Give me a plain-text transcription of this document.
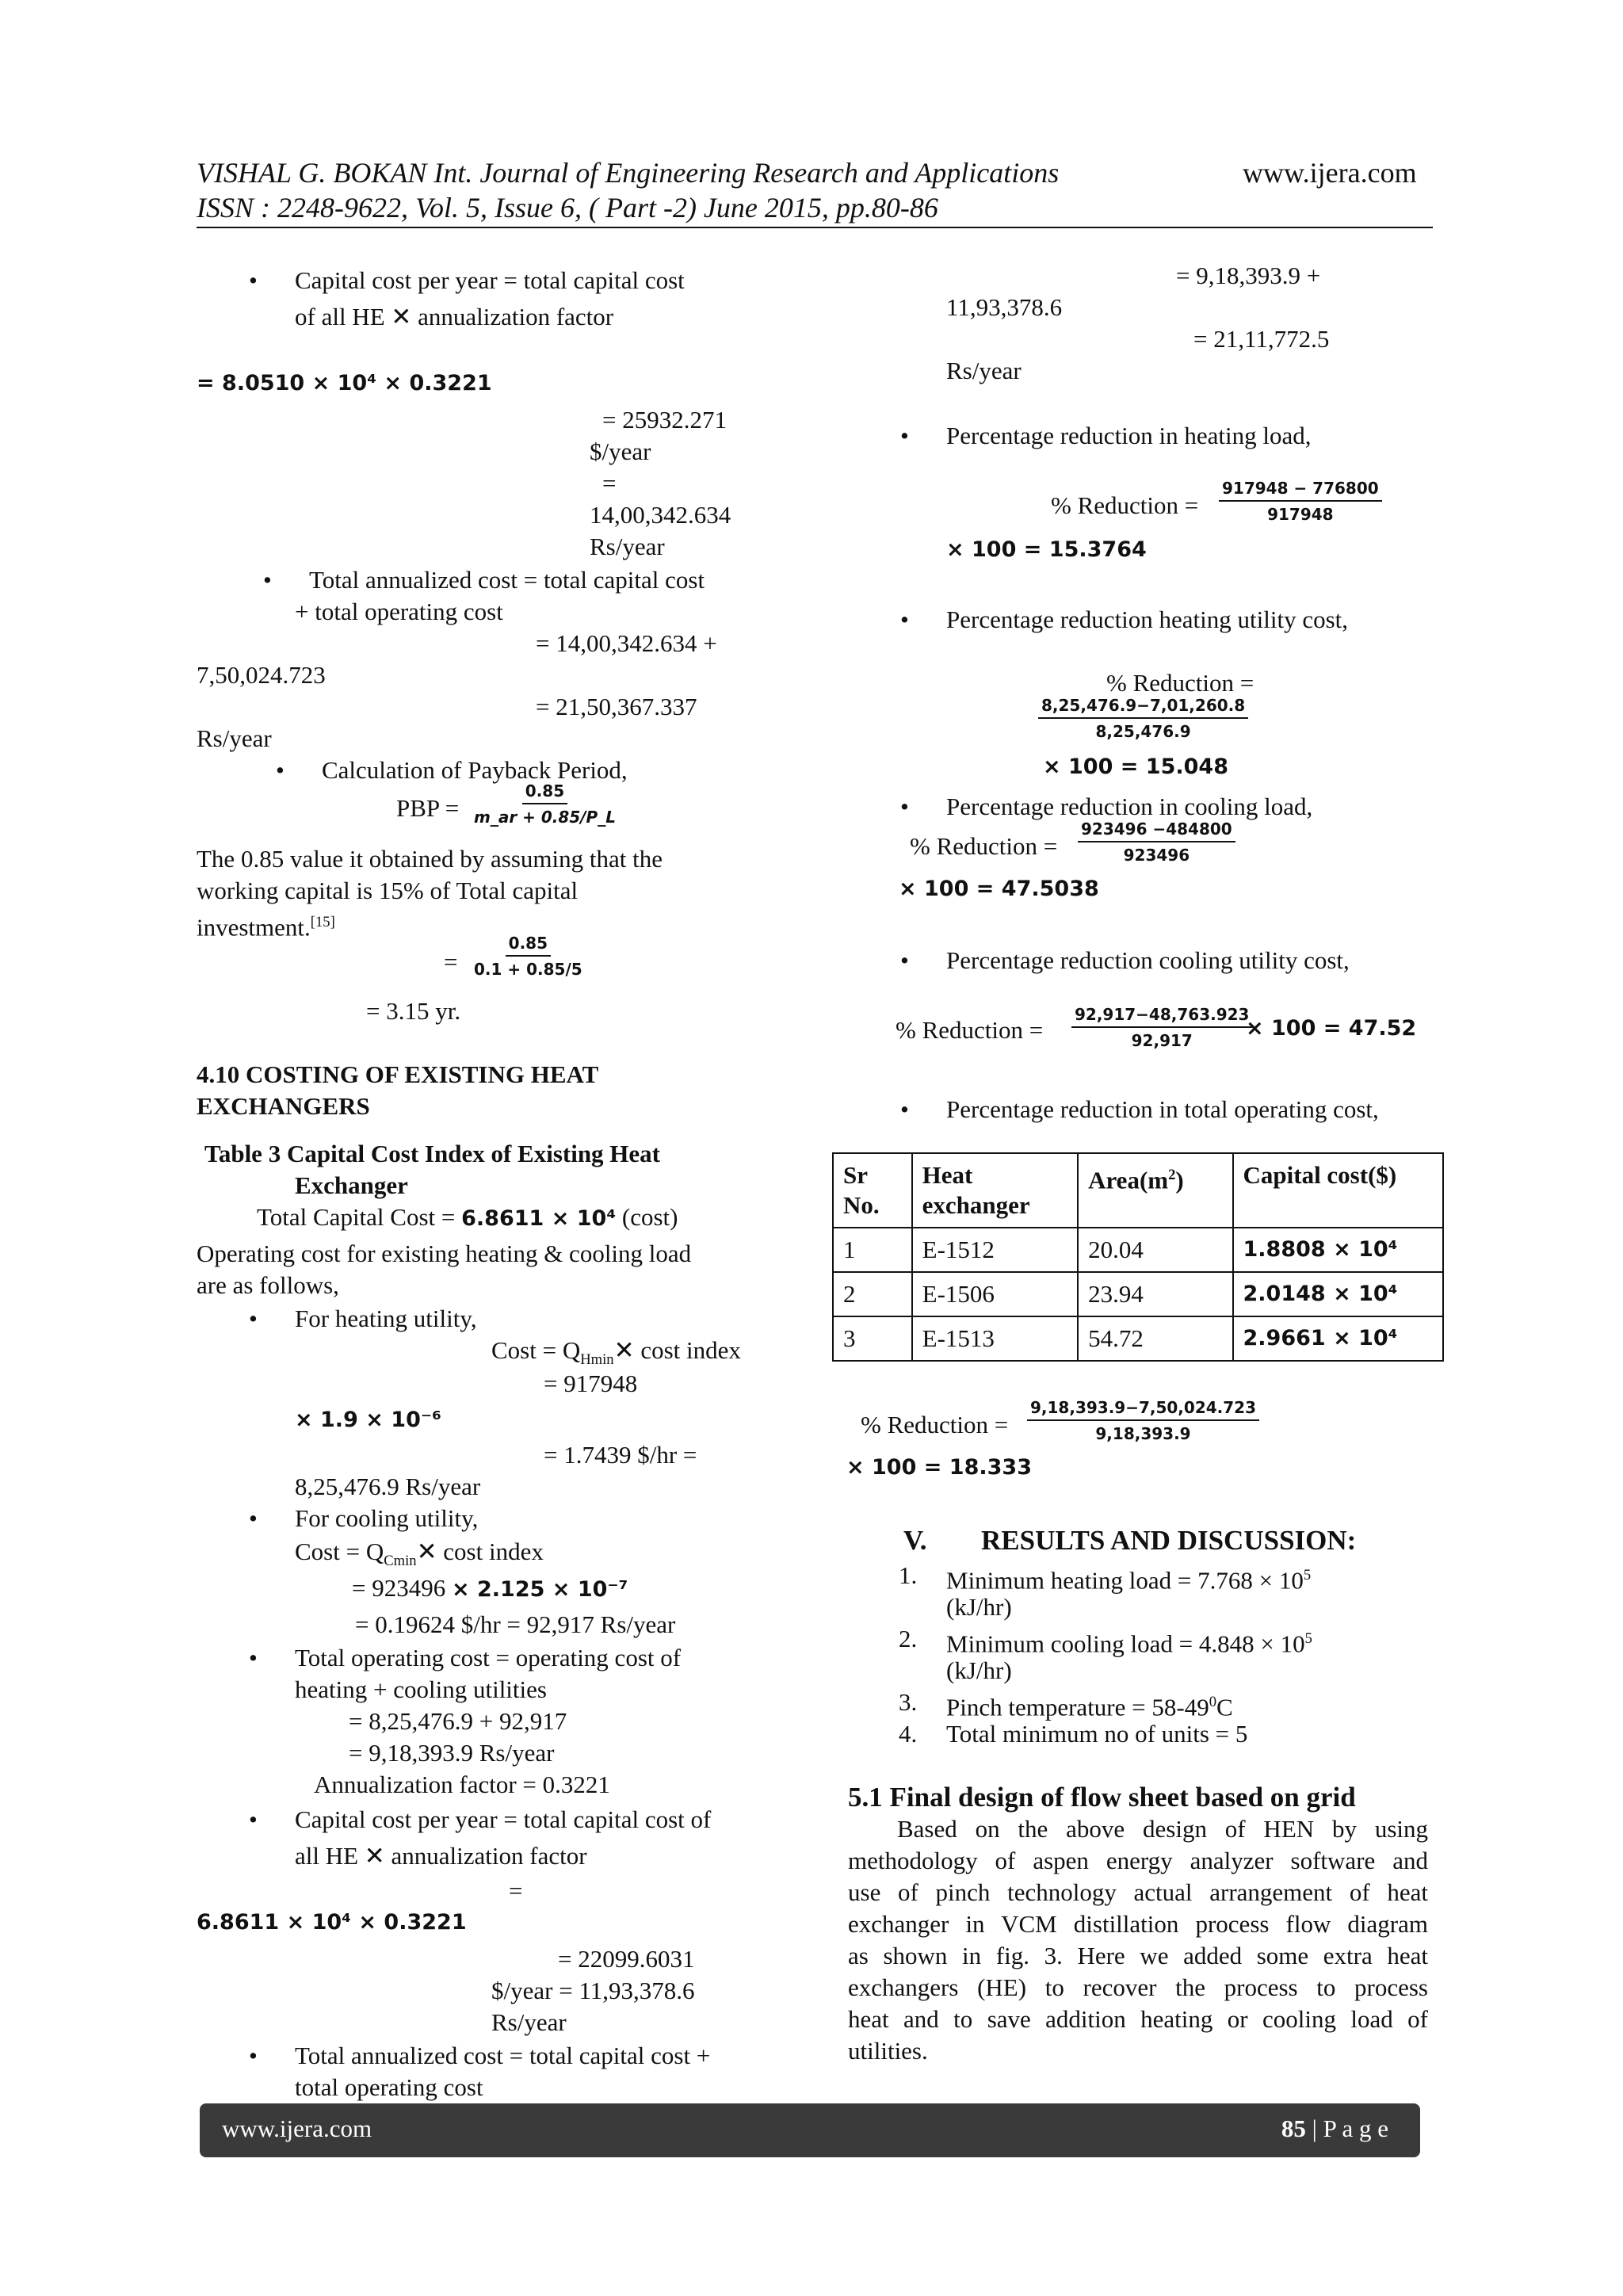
VISHAL G. BOKAN Int. Journal of Engineering Research and Applications	www.ijera.com
ISSN : 2248-9622, Vol. 5, Issue 6, ( Part -2) June 2015, pp.80-86
• Capital cost per year = total capital cost
of all HE ✕ annualization factor
= 8.0510 × 10⁴ × 0.3221
= 25932.271
$/year
=
14,00,342.634
Rs/year
• Total annualized cost = total capital cost
+ total operating cost
= 14,00,342.634 +
7,50,024.723
= 21,50,367.337
Rs/year
• Calculation of Payback Period,
PBP = $\frac{0.85}{m\_ar + 0.85/P\_L}$
The 0.85 value it obtained by assuming that the
working capital is 15% of Total capital
investment.[15]
= $\frac{0.85}{0.1 + 0.85/5}$
= 3.15 yr.
4.10 COSTING OF EXISTING HEAT
EXCHANGERS
Table 3 Capital Cost Index of Existing Heat
Exchanger
Total Capital Cost = 6.8611 × 10⁴ (cost)
Operating cost for existing heating & cooling load
are as follows,
• For heating utility,
Cost = $Q_{Hmin}✕$ cost index
= 917948
× 1.9 × 10⁻⁶
= 1.7439 $/hr =
8,25,476.9 Rs/year
• For cooling utility,
Cost = $Q_{Cmin}✕$ cost index
= 923496 × 2.125 × 10⁻⁷
= 0.19624 $/hr = 92,917 Rs/year
• Total operating cost = operating cost of
heating + cooling utilities
= 8,25,476.9 + 92,917
= 9,18,393.9 Rs/year
Annualization factor = 0.3221
• Capital cost per year = total capital cost of
all HE ✕ annualization factor
=
6.8611 × 10⁴ × 0.3221
= 22099.6031
$/year = 11,93,378.6
Rs/year
• Total annualized cost = total capital cost +
total operating cost
= 9,18,393.9 +
11,93,378.6
= 21,11,772.5
Rs/year
• Percentage reduction in heating load,
% Reduction = $\frac{917948 - 776800}{917948}$
× 100 = 15.3764
• Percentage reduction heating utility cost,
% Reduction =
$\frac{8,25,476.9-7,01,260.8}{8,25,476.9}$
× 100 = 15.048
• Percentage reduction in cooling load,
% Reduction = $\frac{923496 -484800}{923496}$
× 100 = 47.5038
• Percentage reduction cooling utility cost,
% Reduction = $\frac{92,917-48,763.923}{92,917}$
× 100 = 47.52
• Percentage reduction in total operating cost,
Sr No.	Heat exchanger	$Area(m^2)$	Capital cost($)
1	E-1512	20.04	1.8808 × 10⁴
2	E-1506	23.94	2.0148 × 10⁴
3	E-1513	54.72	2.9661 × 10⁴
% Reduction = $\frac{9,18,393.9-7,50,024.723}{9,18,393.9}$
× 100 = 18.333
V. RESULTS AND DISCUSSION:
1. Minimum heating load = $7.768 \times 10^5$
(kJ/hr)
2. Minimum cooling load = $4.848 \times 10^5$
(kJ/hr)
3. Pinch temperature = $58-49^0C$
4. Total minimum no of units = 5
5.1 Final design of flow sheet based on grid
Based on the above design of HEN by using
methodology of aspen energy analyzer software and
use of pinch technology actual arrangement of heat
exchanger in VCM distillation process flow diagram
as shown in fig. 3. Here we added some extra heat
exchangers (HE) to recover the process to process
heat and to save addition heating or cooling load of
utilities.
www.ijera.com	85 | P a g e
